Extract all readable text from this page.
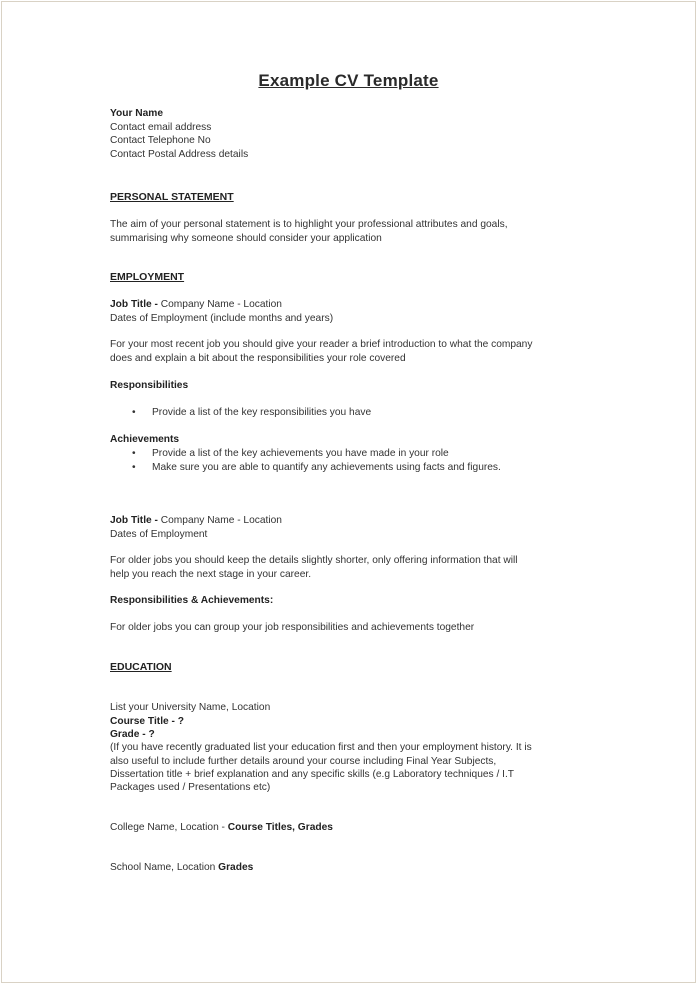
Example CV Template
Your Name
Contact email address
Contact Telephone No
Contact Postal Address details
PERSONAL STATEMENT
The aim of your personal statement is to highlight your professional attributes and goals,
summarising why someone should consider your application
EMPLOYMENT
Job Title - Company Name - Location
Dates of Employment (include months and years)
For your most recent job you should give your reader a brief introduction to what the company
does and explain a bit about the responsibilities your role covered
Responsibilities
• Provide a list of the key responsibilities you have
Achievements
• Provide a list of the key achievements you have made in your role
• Make sure you are able to quantify any achievements using facts and figures.
Job Title - Company Name - Location
Dates of Employment
For older jobs you should keep the details slightly shorter, only offering information that will
help you reach the next stage in your career.
Responsibilities & Achievements:
For older jobs you can group your job responsibilities and achievements together
EDUCATION
List your University Name, Location
Course Title - ?
Grade - ?
(If you have recently graduated list your education first and then your employment history. It is
also useful to include further details around your course including Final Year Subjects,
Dissertation title + brief explanation and any specific skills (e.g Laboratory techniques / I.T
Packages used / Presentations etc)
College Name, Location - Course Titles, Grades
School Name, Location Grades
